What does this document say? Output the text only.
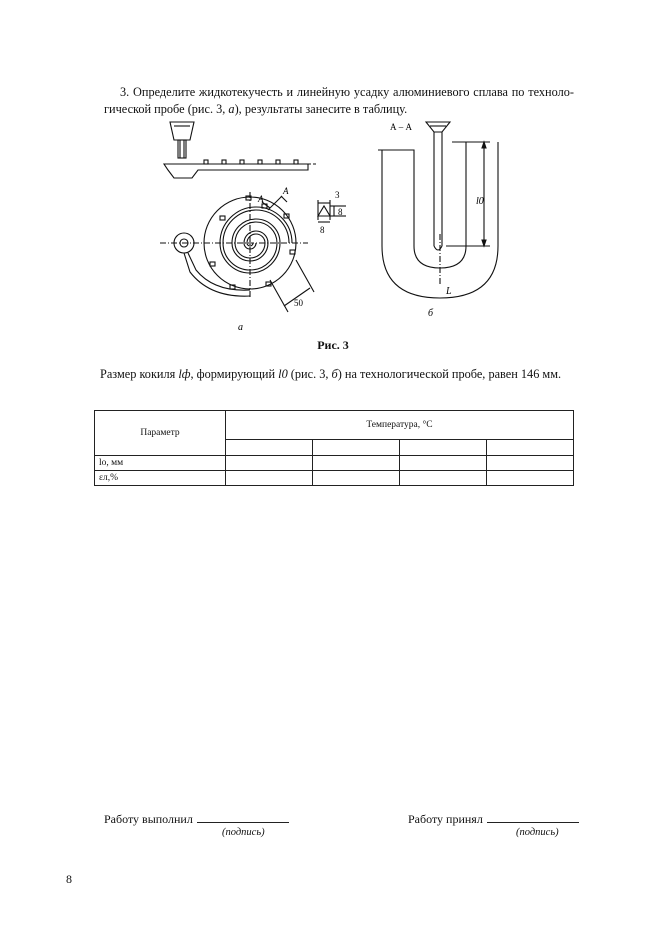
3. Определите жидкотекучесть и линейную усадку алюминиевого сплава по технологической пробе (рис. 3, а), результаты занесите в таблицу.

А – А
А
А	3
8
8
50
а
l0
L
б
Рис. 3
Размер кокиля lф, формирующий l0 (рис. 3, б) на технологической пробе, равен 146 мм.
Параметр	Температура, °C			

lo, мм				
εл,%				
Работу выполнил
(подпись)
Работу принял
(подпись)
8
